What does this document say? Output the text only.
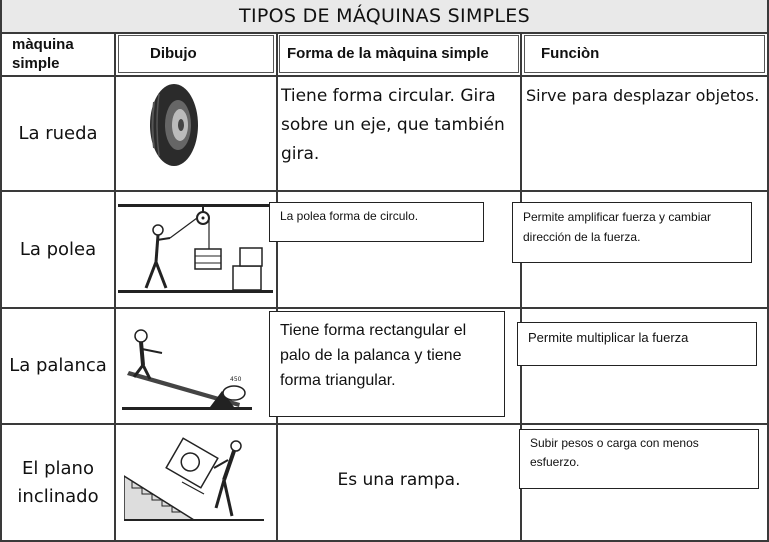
TIPOS DE MÁQUINAS SIMPLES
màquina simple
Dibujo	Forma de la màquina simple	Funciòn
La rueda
La polea
La palanca
El plano inclinado
450
Tiene forma circular. Gira sobre un eje, que también gira.
La polea forma de circulo.
Tiene forma rectangular el palo de la palanca y tiene forma triangular.
Es una rampa.
Sirve para desplazar objetos.
Permite amplificar fuerza y cambiar dirección de la fuerza.
Permite multiplicar la fuerza
Subir pesos o carga con menos esfuerzo.
